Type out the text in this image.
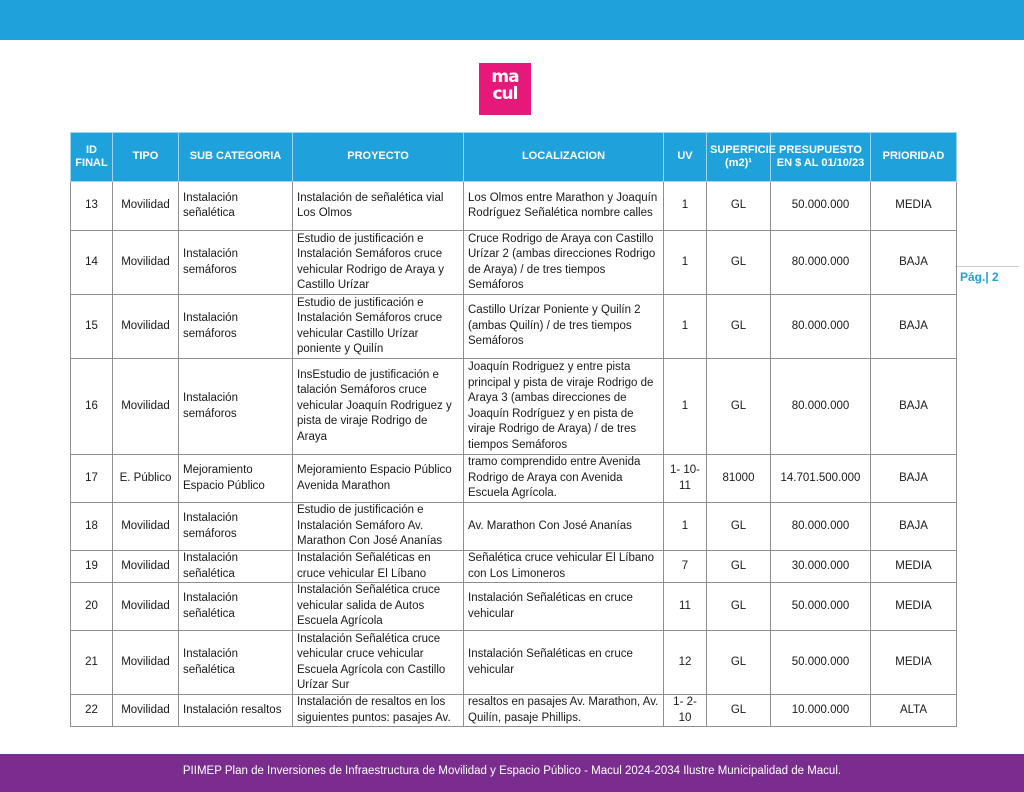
ma
cul
Pág.| 2
ID FINAL	TIPO	SUB CATEGORIA	PROYECTO	LOCALIZACION	UV	SUPERFICIE (m2)¹	PRESUPUESTO EN $ AL 01/10/23	PRIORIDAD
13	Movilidad	Instalación señalética	Instalación de señalética vial Los Olmos	Los Olmos entre Marathon y Joaquín Rodríguez Señalética nombre calles	1	GL	50.000.000	MEDIA
14	Movilidad	Instalación semáforos	Estudio de justificación e Instalación Semáforos cruce vehicular Rodrigo de Araya y Castillo Urízar	Cruce Rodrigo de Araya con Castillo Urízar 2 (ambas direcciones Rodrigo de Araya) / de tres tiempos Semáforos	1	GL	80.000.000	BAJA
15	Movilidad	Instalación semáforos	Estudio de justificación e Instalación Semáforos cruce vehicular Castillo Urízar poniente y Quilín	Castillo Urízar Poniente y Quilín 2 (ambas Quilín) / de tres tiempos Semáforos	1	GL	80.000.000	BAJA
16	Movilidad	Instalación semáforos	InsEstudio de justificación e talación Semáforos cruce vehicular Joaquín Rodriguez y pista de viraje Rodrigo de Araya	Joaquín Rodriguez y entre pista principal y pista de viraje Rodrigo de Araya 3 (ambas direcciones de Joaquín Rodríguez y en pista de viraje Rodrigo de Araya) / de tres tiempos Semáforos	1	GL	80.000.000	BAJA
17	E. Público	Mejoramiento Espacio Público	Mejoramiento Espacio Público Avenida Marathon	tramo comprendido entre Avenida Rodrigo de Araya con Avenida Escuela Agrícola.	1- 10- 11	81000	14.701.500.000	BAJA
18	Movilidad	Instalación semáforos	Estudio de justificación e Instalación Semáforo Av. Marathon Con José Ananías	Av. Marathon Con José Ananías	1	GL	80.000.000	BAJA
19	Movilidad	Instalación señalética	Instalación Señaléticas en cruce vehicular El Líbano	Señalética cruce vehicular El Líbano con Los Limoneros	7	GL	30.000.000	MEDIA
20	Movilidad	Instalación señalética	Instalación Señalética cruce vehicular salida de Autos Escuela Agrícola	Instalación Señaléticas en cruce vehicular	11	GL	50.000.000	MEDIA
21	Movilidad	Instalación señalética	Instalación Señalética cruce vehicular cruce vehicular Escuela Agrícola con Castillo Urízar Sur	Instalación Señaléticas en cruce vehicular	12	GL	50.000.000	MEDIA
22	Movilidad	Instalación resaltos	Instalación de resaltos en los siguientes puntos: pasajes Av.	resaltos en pasajes Av. Marathon, Av. Quilín, pasaje Phillips.	1- 2- 10	GL	10.000.000	ALTA
PIIMEP Plan de Inversiones de Infraestructura de Movilidad y Espacio Público - Macul 2024-2034 Ilustre Municipalidad de Macul.
